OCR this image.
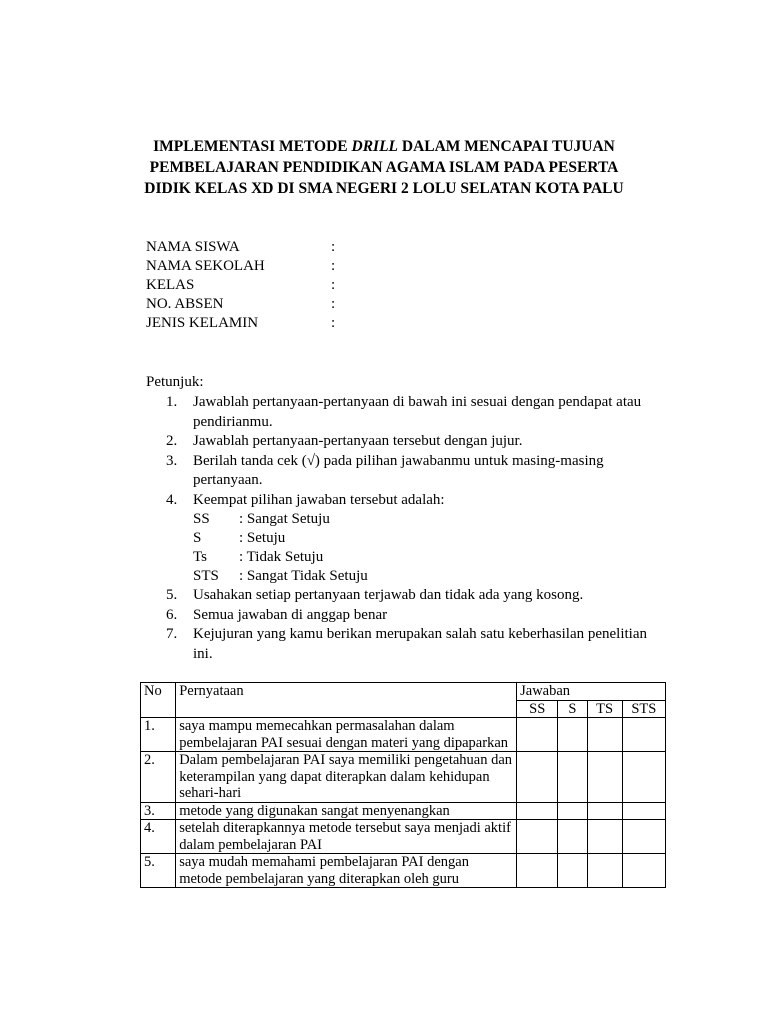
IMPLEMENTASI METODE DRILL DALAM MENCAPAI TUJUAN
PEMBELAJARAN PENDIDIKAN AGAMA ISLAM PADA PESERTA
DIDIK KELAS XD DI SMA NEGERI 2 LOLU SELATAN KOTA PALU
NAMA SISWA	:
NAMA SEKOLAH	:
KELAS	:
NO. ABSEN	:
JENIS KELAMIN	:
Petunjuk:
1. Jawablah pertanyaan-pertanyaan di bawah ini sesuai dengan pendapat atau pendirianmu.
2. Jawablah pertanyaan-pertanyaan tersebut dengan jujur.
3. Berilah tanda cek (√) pada pilihan jawabanmu untuk masing-masing pertanyaan.
4. Keempat pilihan jawaban tersebut adalah:
SS : Sangat Setuju
S	: Setuju
Ts : Tidak Setuju
STS : Sangat Tidak Setuju
5. Usahakan setiap pertanyaan terjawab dan tidak ada yang kosong.
6. Semua jawaban di anggap benar
7. Kejujuran yang kamu berikan merupakan salah satu keberhasilan penelitian ini.
No	Pernyataan	Jawaban			
		SS	S	TS	STS
1.	saya mampu memecahkan permasalahan dalam pembelajaran PAI sesuai dengan materi yang dipaparkan				
2.	Dalam pembelajaran PAI saya memiliki pengetahuan dan keterampilan yang dapat diterapkan dalam kehidupan sehari-hari				
3.	metode yang digunakan sangat menyenangkan				
4.	setelah diterapkannya metode tersebut saya menjadi aktif dalam pembelajaran PAI				
5.	saya mudah memahami pembelajaran PAI dengan metode pembelajaran yang diterapkan oleh guru				
